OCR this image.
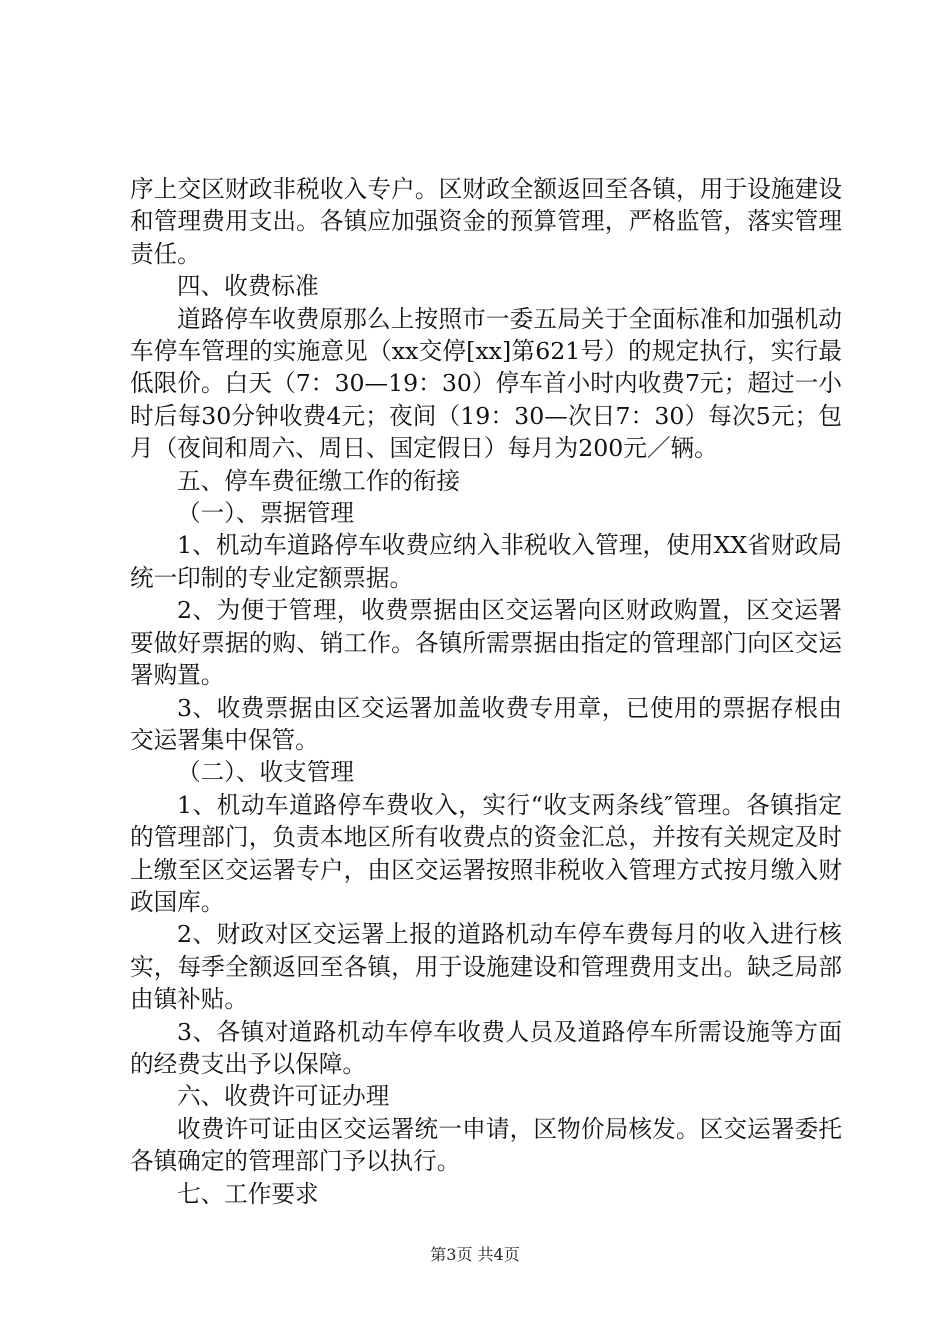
序上交区财政非税收入专户。区财政全额返回至各镇，用于设施建设和管理费用支出。各镇应加强资金的预算管理，严格监管，落实管理责任。

四、收费标准

道路停车收费原那么上按照市一委五局关于全面标准和加强机动车停车管理的实施意见（xx交停[xx]第621号）的规定执行，实行最低限价。白天（7：30—19：30）停车首小时内收费7元；超过一小时后每30分钟收费4元；夜间（19：30—次日7：30）每次5元；包月（夜间和周六、周日、国定假日）每月为200元／辆。

五、停车费征缴工作的衔接

（一）、票据管理

1、机动车道路停车收费应纳入非税收入管理，使用XX省财政局统一印制的专业定额票据。

2、为便于管理，收费票据由区交运署向区财政购置，区交运署要做好票据的购、销工作。各镇所需票据由指定的管理部门向区交运署购置。

3、收费票据由区交运署加盖收费专用章，已使用的票据存根由交运署集中保管。

（二）、收支管理

1、机动车道路停车费收入，实行“收支两条线″管理。各镇指定的管理部门，负责本地区所有收费点的资金汇总，并按有关规定及时上缴至区交运署专户，由区交运署按照非税收入管理方式按月缴入财政国库。

2、财政对区交运署上报的道路机动车停车费每月的收入进行核实，每季全额返回至各镇，用于设施建设和管理费用支出。缺乏局部由镇补贴。

3、各镇对道路机动车停车收费人员及道路停车所需设施等方面的经费支出予以保障。

六、收费许可证办理

收费许可证由区交运署统一申请，区物价局核发。区交运署委托各镇确定的管理部门予以执行。

七、工作要求

第3页 共4页
